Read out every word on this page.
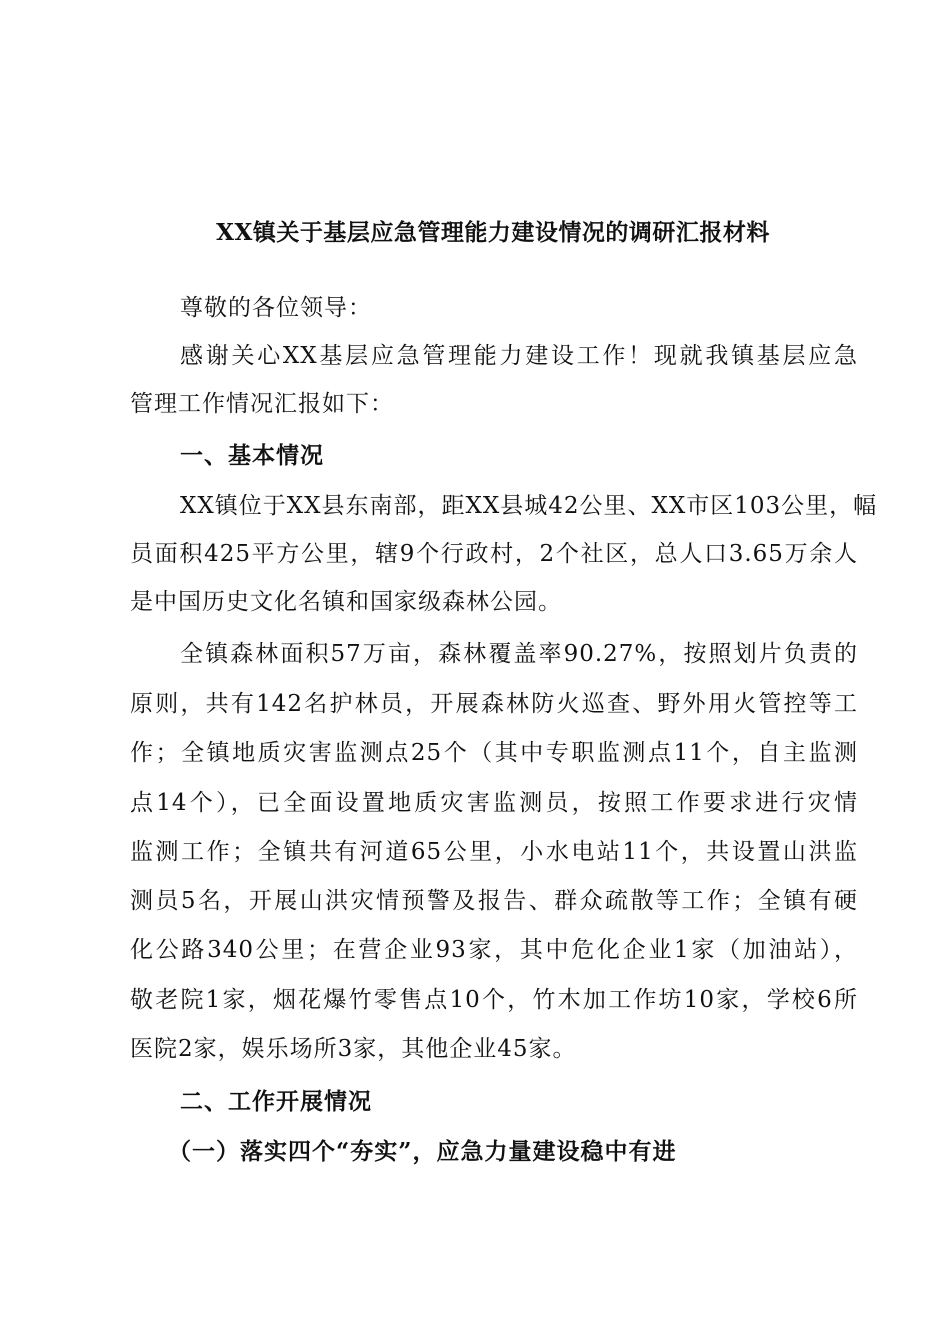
XX镇关于基层应急管理能力建设情况的调研汇报材料
尊敬的各位领导：
感谢关心XX基层应急管理能力建设工作！现就我镇基层应急
管理工作情况汇报如下：
一、基本情况
XX镇位于XX县东南部，距XX县城42公里、XX市区103公里，幅
员面积425平方公里，辖9个行政村，2个社区，总人口3.65万余人
是中国历史文化名镇和国家级森林公园。
全镇森林面积57万亩，森林覆盖率90.27%，按照划片负责的
原则，共有142名护林员，开展森林防火巡查、野外用火管控等工
作；全镇地质灾害监测点25个（其中专职监测点11个，自主监测
点14个），已全面设置地质灾害监测员，按照工作要求进行灾情
监测工作；全镇共有河道65公里，小水电站11个，共设置山洪监
测员5名，开展山洪灾情预警及报告、群众疏散等工作；全镇有硬
化公路340公里；在营企业93家，其中危化企业1家（加油站），
敬老院1家，烟花爆竹零售点10个，竹木加工作坊10家，学校6所
医院2家，娱乐场所3家，其他企业45家。
二、工作开展情况
（一）落实四个“夯实”，应急力量建设稳中有进
